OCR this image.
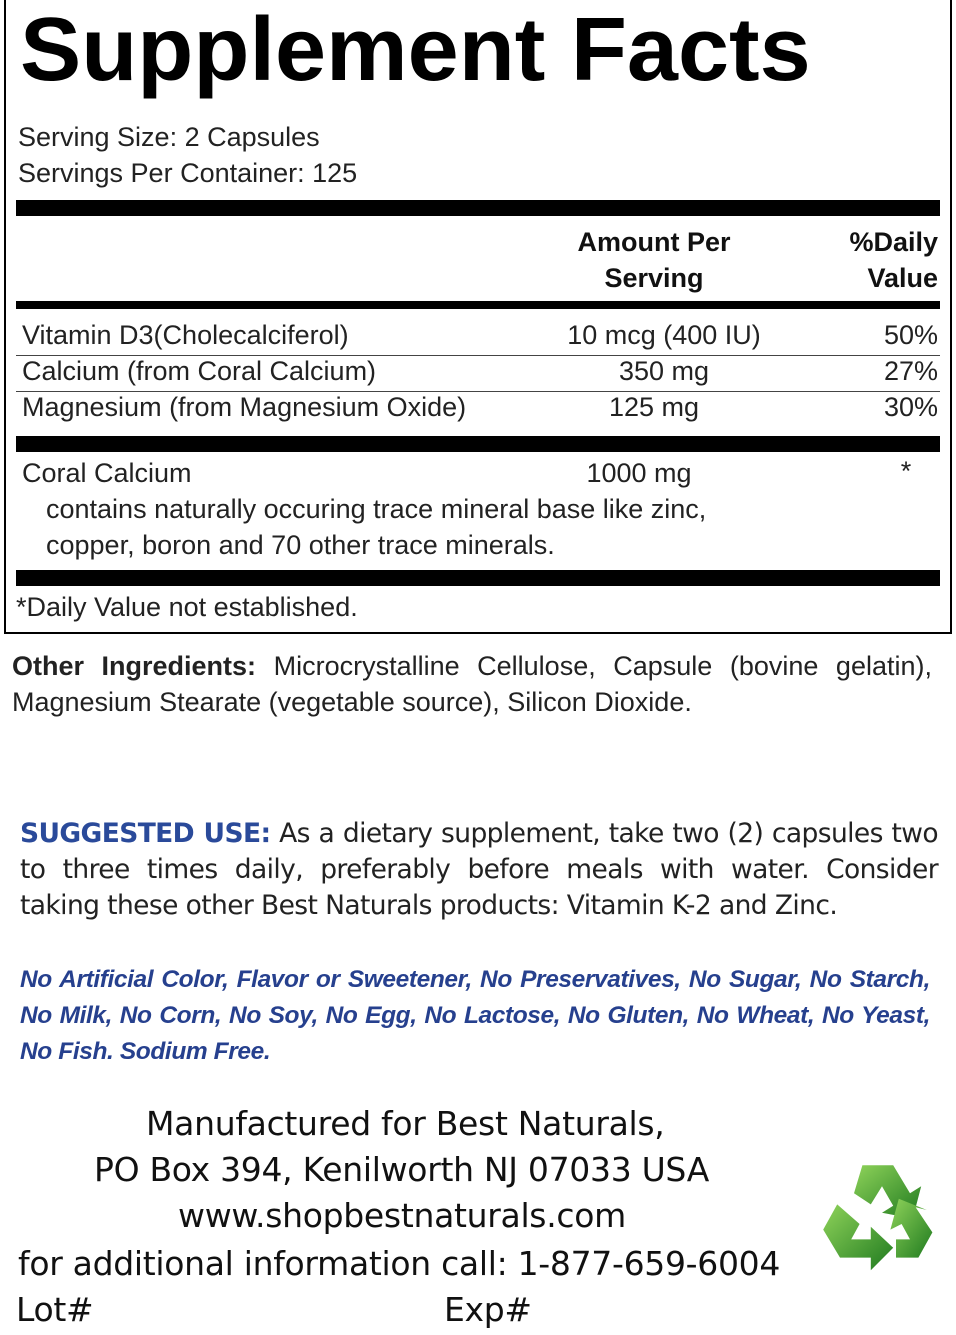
Supplement Facts
Serving Size: 2 Capsules
Servings Per Container: 125
Amount Per
Serving
%Daily
Value
Vitamin D3(Cholecalciferol)	10 mcg (400 IU)	50%
Calcium (from Coral Calcium)	350 mg	27%
Magnesium (from Magnesium Oxide)	125 mg	30%
Coral Calcium	1000 mg	*
contains naturally occuring trace mineral base like zinc,
copper, boron and 70 other trace minerals.
*Daily Value not established.
Other Ingredients: Microcrystalline Cellulose, Capsule (bovine gelatin), Magnesium Stearate (vegetable source), Silicon Dioxide.
SUGGESTED USE: As a dietary supplement, take two (2) capsules two to three times daily, preferably before meals with water. Consider taking these other Best Naturals products: Vitamin K-2 and Zinc.
No Artificial Color, Flavor or Sweetener, No Preservatives, No Sugar, No Starch, No Milk, No Corn, No Soy, No Egg, No Lactose, No Gluten, No Wheat, No Yeast, No Fish. Sodium Free.
Manufactured for Best Naturals,
PO Box 394, Kenilworth NJ 07033 USA
www.shopbestnaturals.com
for additional information call: 1-877-659-6004
Lot#	Exp#
